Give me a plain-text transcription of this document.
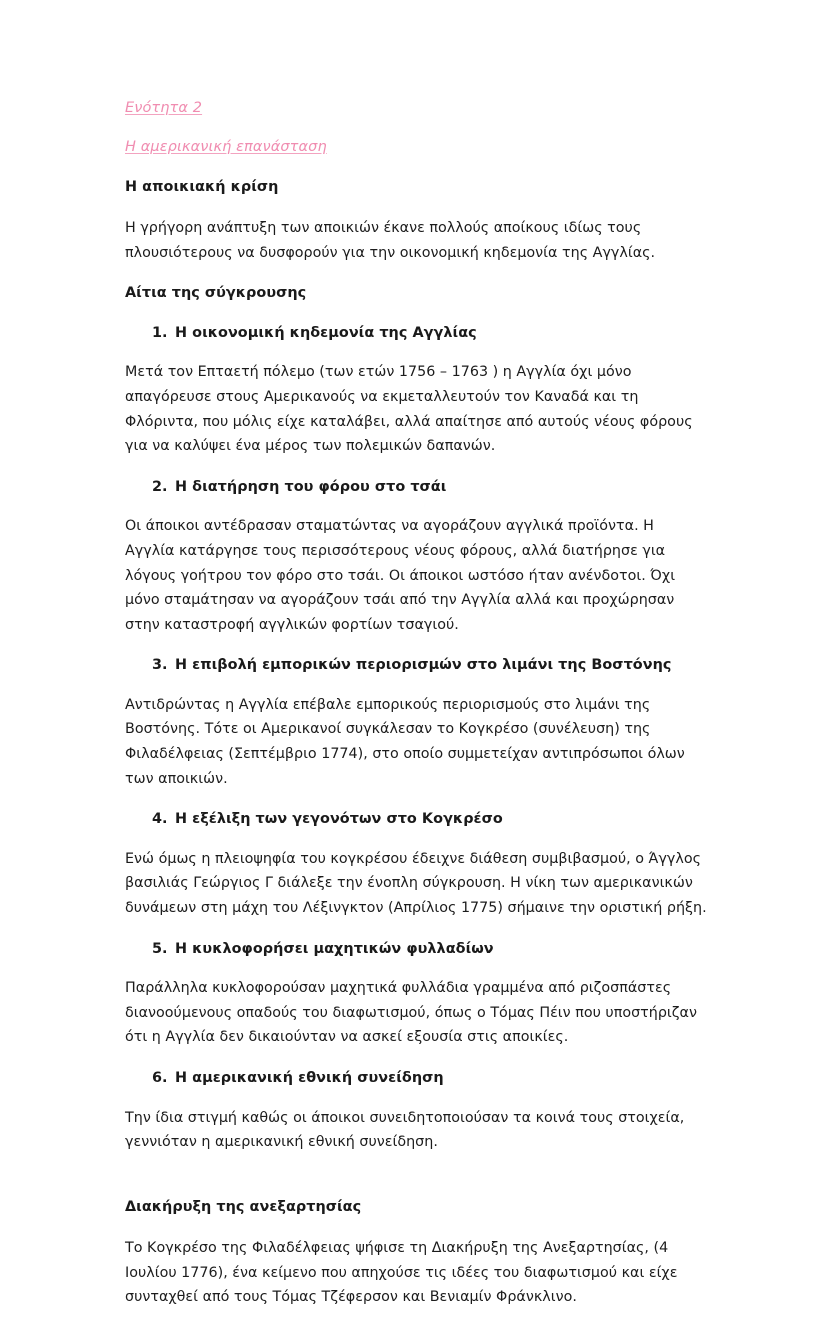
Ενότητα 2
Η αμερικανική επανάσταση
Η αποικιακή κρίση

Η γρήγορη ανάπτυξη των αποικιών έκανε πολλούς αποίκους ιδίως τους πλουσιότερους να δυσφορούν για την οικονομική κηδεμονία της Αγγλίας.

Αίτια της σύγκρουσης
1. Η οικονομική κηδεμονία της Αγγλίας

Μετά τον Επταετή πόλεμο (των ετών 1756 – 1763 ) η Αγγλία όχι μόνο απαγόρευσε στους Αμερικανούς να εκμεταλλευτούν τον Καναδά και τη Φλόριντα, που μόλις είχε καταλάβει, αλλά απαίτησε από αυτούς νέους φόρους για να καλύψει ένα μέρος των πολεμικών δαπανών.

2. Η διατήρηση του φόρου στο τσάι

Οι άποικοι αντέδρασαν σταματώντας να αγοράζουν αγγλικά προϊόντα. Η Αγγλία κατάργησε τους περισσότερους νέους φόρους, αλλά διατήρησε για λόγους γοήτρου τον φόρο στο τσάι. Οι άποικοι ωστόσο ήταν ανένδοτοι. Όχι μόνο σταμάτησαν να αγοράζουν τσάι από την Αγγλία αλλά και προχώρησαν στην καταστροφή αγγλικών φορτίων τσαγιού.

3. Η επιβολή εμπορικών περιορισμών στο λιμάνι της Βοστόνης

Αντιδρώντας η Αγγλία επέβαλε εμπορικούς περιορισμούς στο λιμάνι της Βοστόνης. Τότε οι Αμερικανοί συγκάλεσαν το Κογκρέσο (συνέλευση) της Φιλαδέλφειας (Σεπτέμβριο 1774), στο οποίο συμμετείχαν αντιπρόσωποι όλων των αποικιών.

4. Η εξέλιξη των γεγονότων στο Κογκρέσο

Ενώ όμως η πλειοψηφία του κογκρέσου έδειχνε διάθεση συμβιβασμού, ο Άγγλος βασιλιάς Γεώργιος Γ διάλεξε την ένοπλη σύγκρουση. Η νίκη των αμερικανικών δυνάμεων στη μάχη του Λέξινγκτον (Απρίλιος 1775) σήμαινε την οριστική ρήξη.

5. Η κυκλοφορήσει μαχητικών φυλλαδίων

Παράλληλα κυκλοφορούσαν μαχητικά φυλλάδια γραμμένα από ριζοσπάστες διανοούμενους οπαδούς του διαφωτισμού, όπως ο Τόμας Πέιν που υποστήριζαν ότι η Αγγλία δεν δικαιούνταν να ασκεί εξουσία στις αποικίες.

6. Η αμερικανική εθνική συνείδηση

Την ίδια στιγμή καθώς οι άποικοι συνειδητοποιούσαν τα κοινά τους στοιχεία, γεννιόταν η αμερικανική εθνική συνείδηση.

Διακήρυξη της ανεξαρτησίας

Το Κογκρέσο της Φιλαδέλφειας ψήφισε τη Διακήρυξη της Ανεξαρτησίας, (4 Ιουλίου 1776), ένα κείμενο που απηχούσε τις ιδέες του διαφωτισμού και είχε συνταχθεί από τους Τόμας Τζέφερσον και Βενιαμίν Φράνκλινο.
